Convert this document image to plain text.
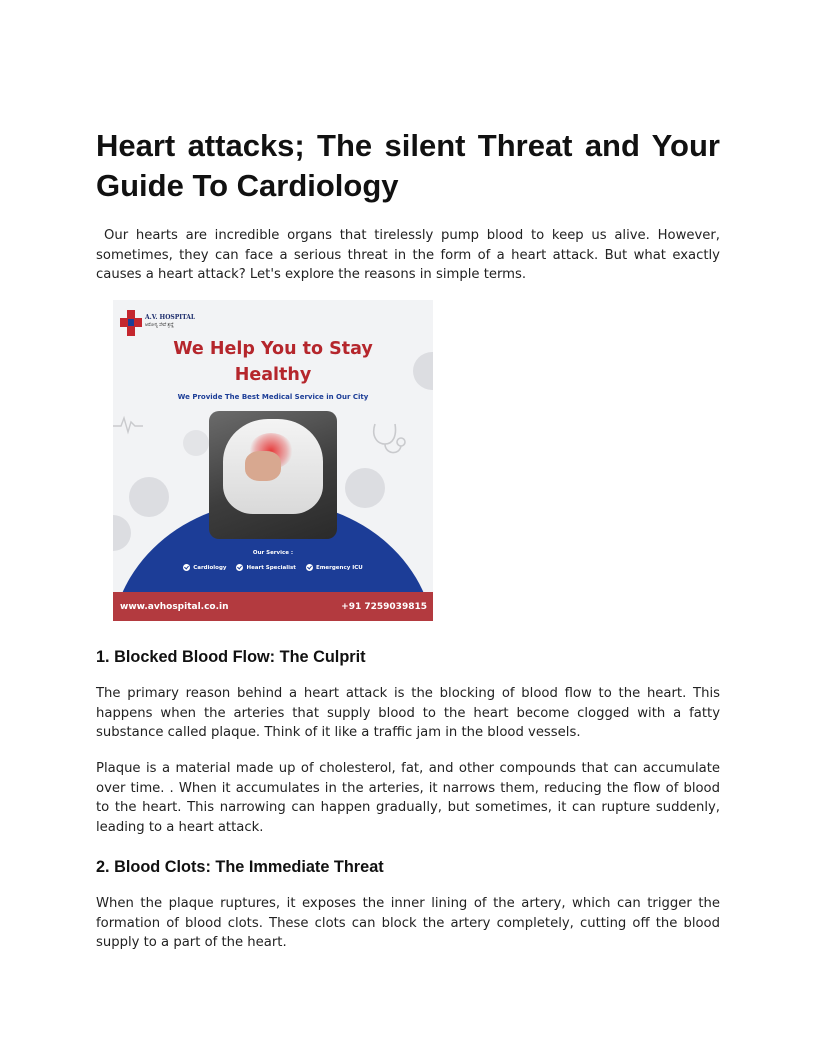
Heart attacks; The silent Threat and Your Guide To Cardiology

Our hearts are incredible organs that tirelessly pump blood to keep us alive. However, sometimes, they can face a serious threat in the form of a heart attack. But what exactly causes a heart attack? Let's explore the reasons in simple terms.

1. Blocked Blood Flow: The Culprit

The primary reason behind a heart attack is the blocking of blood flow to the heart. This happens when the arteries that supply blood to the heart become clogged with a fatty substance called plaque. Think of it like a traffic jam in the blood vessels.

Plaque is a material made up of cholesterol, fat, and other compounds that can accumulate over time. . When it accumulates in the arteries, it narrows them, reducing the flow of blood to the heart. This narrowing can happen gradually, but sometimes, it can rupture suddenly, leading to a heart attack.

2. Blood Clots: The Immediate Threat

When the plaque ruptures, it exposes the inner lining of the artery, which can trigger the formation of blood clots. These clots can block the artery completely, cutting off the blood supply to a part of the heart.

A.V. HOSPITAL
ಆರೋಗ್ಯ ಸೇವೆ ಶ್ರದ್ಧೆ
We Help You to Stay
Healthy
We Provide The Best Medical Service in Our City
Our Service :
Cardiology	Heart Specialist	Emergency ICU
www.avhospital.co.in	+91 7259039815
